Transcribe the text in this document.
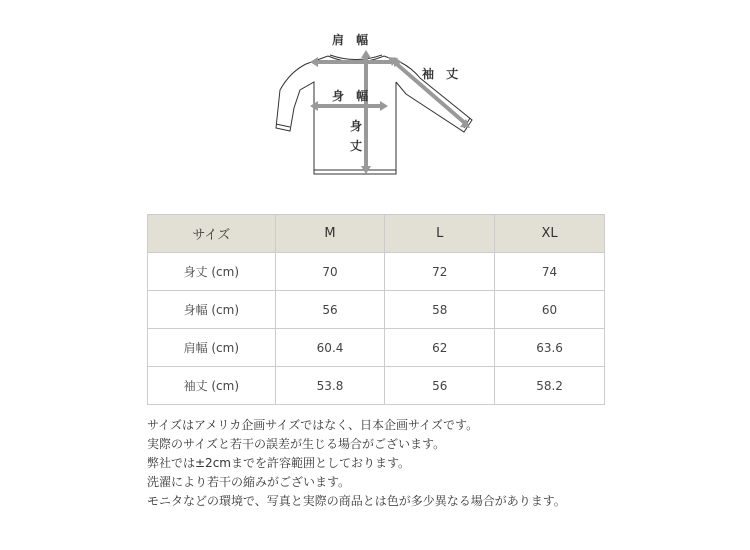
肩 幅
袖 丈
身 幅
身
丈
サイズ	M	L	XL
身丈 (cm)	70	72	74
身幅 (cm)	56	58	60
肩幅 (cm)	60.4	62	63.6
袖丈 (cm)	53.8	56	58.2
サイズはアメリカ企画サイズではなく、日本企画サイズです。
実際のサイズと若干の誤差が生じる場合がございます。
弊社では±2cmまでを許容範囲としております。
洗濯により若干の縮みがございます。
モニタなどの環境で、写真と実際の商品とは色が多少異なる場合があります。
